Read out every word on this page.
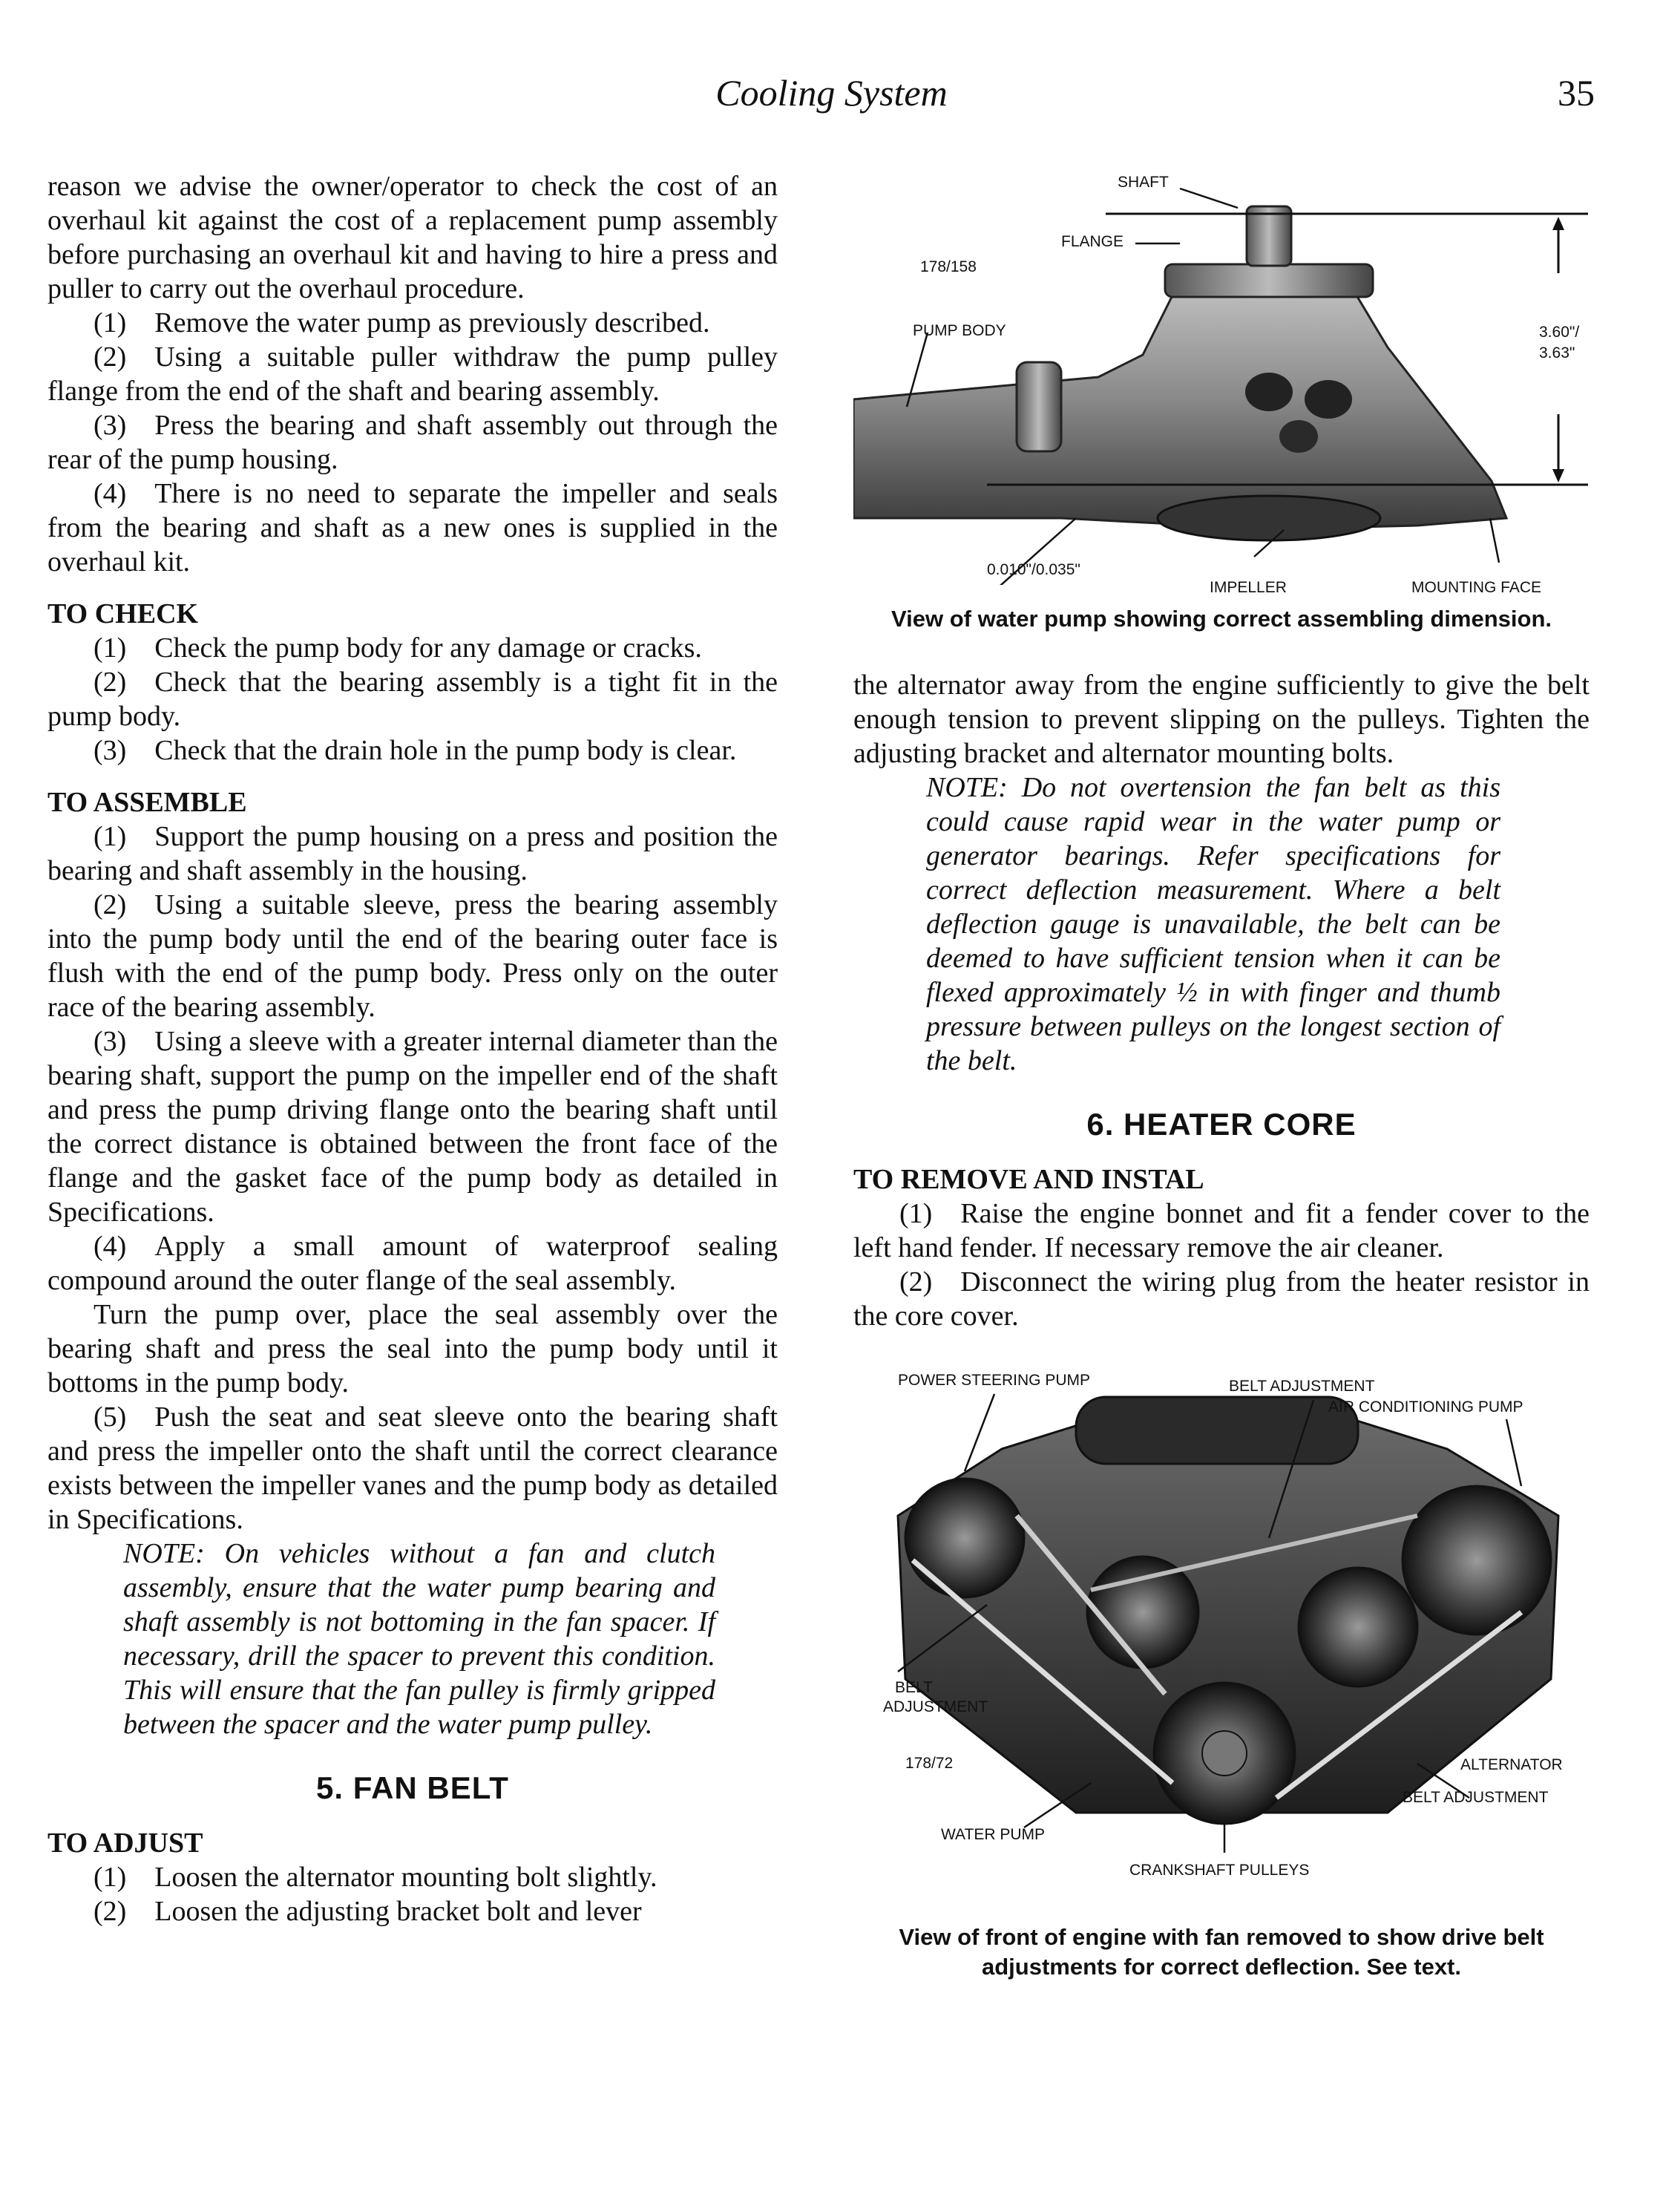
Cooling System	35

reason we advise the owner/operator to check the cost of an overhaul kit against the cost of a replacement pump assembly before purchasing an overhaul kit and having to hire a press and puller to carry out the overhaul procedure.

(1) Remove the water pump as previously described.

(2) Using a suitable puller withdraw the pump pulley flange from the end of the shaft and bearing assembly.

(3) Press the bearing and shaft assembly out through the rear of the pump housing.

(4) There is no need to separate the impeller and seals from the bearing and shaft as a new ones is supplied in the overhaul kit.

TO CHECK

(1) Check the pump body for any damage or cracks.

(2) Check that the bearing assembly is a tight fit in the pump body.

(3) Check that the drain hole in the pump body is clear.

TO ASSEMBLE

(1) Support the pump housing on a press and position the bearing and shaft assembly in the housing.

(2) Using a suitable sleeve, press the bearing assembly into the pump body until the end of the bearing outer face is flush with the end of the pump body. Press only on the outer race of the bearing assembly.

(3) Using a sleeve with a greater internal diameter than the bearing shaft, support the pump on the impeller end of the shaft and press the pump driving flange onto the bearing shaft until the correct distance is obtained between the front face of the flange and the gasket face of the pump body as detailed in Specifications.

(4) Apply a small amount of waterproof sealing compound around the outer flange of the seal assembly.

Turn the pump over, place the seal assembly over the bearing shaft and press the seal into the pump body until it bottoms in the pump body.

(5) Push the seat and seat sleeve onto the bearing shaft and press the impeller onto the shaft until the correct clearance exists between the impeller vanes and the pump body as detailed in Specifications.

NOTE: On vehicles without a fan and clutch assembly, ensure that the water pump bearing and shaft assembly is not bottoming in the fan spacer. If necessary, drill the spacer to prevent this condition. This will ensure that the fan pulley is firmly gripped between the spacer and the water pump pulley.

5. FAN BELT
TO ADJUST

(1) Loosen the alternator mounting bolt slightly.

(2) Loosen the adjusting bracket bolt and lever

SHAFT
FLANGE
178/158
PUMP BODY	3.60"/
3.63"
0.010"/0.035"
IMPELLER	MOUNTING FACE
View of water pump showing correct assembling dimension.

the alternator away from the engine sufficiently to give the belt enough tension to prevent slipping on the pulleys. Tighten the adjusting bracket and alternator mounting bolts.

NOTE: Do not overtension the fan belt as this could cause rapid wear in the water pump or generator bearings. Refer specifications for correct deflection measurement. Where a belt deflection gauge is unavailable, the belt can be deemed to have sufficient tension when it can be flexed approximately ½ in with finger and thumb pressure between pulleys on the longest section of the belt.

6. HEATER CORE
TO REMOVE AND INSTAL

(1) Raise the engine bonnet and fit a fender cover to the left hand fender. If necessary remove the air cleaner.

(2) Disconnect the wiring plug from the heater resistor in the core cover.

POWER STEERING PUMP	BELT ADJUSTMENT
AIR CONDITIONING PUMP
BELT
ADJUSTMENT
178/72	ALTERNATOR
BELT ADJUSTMENT
WATER PUMP
CRANKSHAFT PULLEYS
View of front of engine with fan removed to show drive belt adjustments for correct deflection. See text.
